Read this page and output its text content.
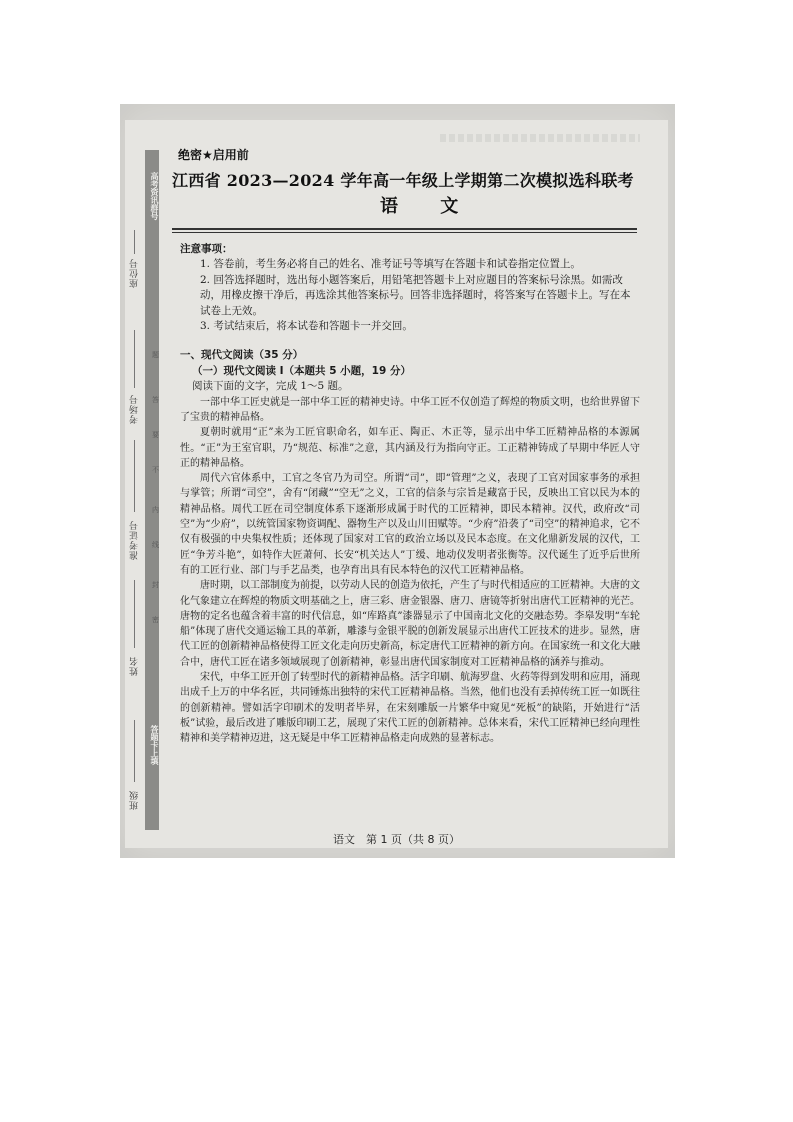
高考资讯群号
答题卡上填
题
答
要
不
内
线
封
密
座位号
考场号
准考证号
姓名
班级
绝密★启用前
江西省 2023—2024 学年高一年级上学期第二次模拟选科联考
语 文
注意事项：
1. 答卷前，考生务必将自己的姓名、准考证号等填写在答题卡和试卷指定位置上。
2. 回答选择题时，选出每小题答案后，用铅笔把答题卡上对应题目的答案标号涂黑。如需改动，用橡皮擦干净后，再选涂其他答案标号。回答非选择题时，将答案写在答题卡上。写在本试卷上无效。
3. 考试结束后，将本试卷和答题卡一并交回。
一、现代文阅读（35 分）
（一）现代文阅读 Ⅰ（本题共 5 小题，19 分）
阅读下面的文字，完成 1～5 题。
一部中华工匠史就是一部中华工匠的精神史诗。中华工匠不仅创造了辉煌的物质文明，也给世界留下了宝贵的精神品格。
夏朝时就用“正”来为工匠官职命名，如车正、陶正、木正等，显示出中华工匠精神品格的本源属性。“正”为王室官职，乃“规范、标准”之意，其内涵及行为指向守正。工正精神铸成了早期中华匠人守正的精神品格。
周代六官体系中，工官之冬官乃为司空。所谓“司”，即“管理”之义，表现了工官对国家事务的承担与掌管；所谓“司空”，舍有“闭藏”“空无”之义，工官的信条与宗旨是藏富于民，反映出工官以民为本的精神品格。周代工匠在司空制度体系下逐渐形成属于时代的工匠精神，即民本精神。汉代，政府改“司空”为“少府”，以统管国家物资调配、器物生产以及山川田赋等。“少府”沿袭了“司空”的精神追求，它不仅有极强的中央集权性质；还体现了国家对工官的政治立场以及民本态度。在文化鼎新发展的汉代，工匠“争芳斗艳”，如特作大匠萧何、长安“机关达人”丁缓、地动仪发明者张衡等。汉代诞生了近乎后世所有的工匠行业、部门与手艺品类，也孕育出具有民本特色的汉代工匠精神品格。
唐时期，以工部制度为前提，以劳动人民的创造为依托，产生了与时代相适应的工匠精神。大唐的文化气象建立在辉煌的物质文明基础之上，唐三彩、唐金银器、唐刀、唐镜等折射出唐代工匠精神的光芒。唐物的定名也蕴含着丰富的时代信息，如“库路真”漆器显示了中国南北文化的交融态势。李皋发明“车轮船”体现了唐代交通运输工具的革新，雕漆与金银平脱的创新发展显示出唐代工匠技术的进步。显然，唐代工匠的创新精神品格使得工匠文化走向历史新高，标定唐代工匠精神的新方向。在国家统一和文化大融合中，唐代工匠在诸多领域展现了创新精神，彰显出唐代国家制度对工匠精神品格的涵养与推动。
宋代，中华工匠开创了转型时代的新精神品格。活字印刷、航海罗盘、火药等得到发明和应用，涌现出成千上万的中华名匠，共同锤炼出独特的宋代工匠精神品格。当然，他们也没有丢掉传统工匠一如既往的创新精神。譬如活字印刷术的发明者毕昇，在宋刻雕版一片繁华中窥见“死板”的缺陷，开始进行“活板”试验，最后改进了雕版印刷工艺，展现了宋代工匠的创新精神。总体来看，宋代工匠精神已经向理性精神和美学精神迈进，这无疑是中华工匠精神品格走向成熟的显著标志。
语文　第 1 页（共 8 页）
